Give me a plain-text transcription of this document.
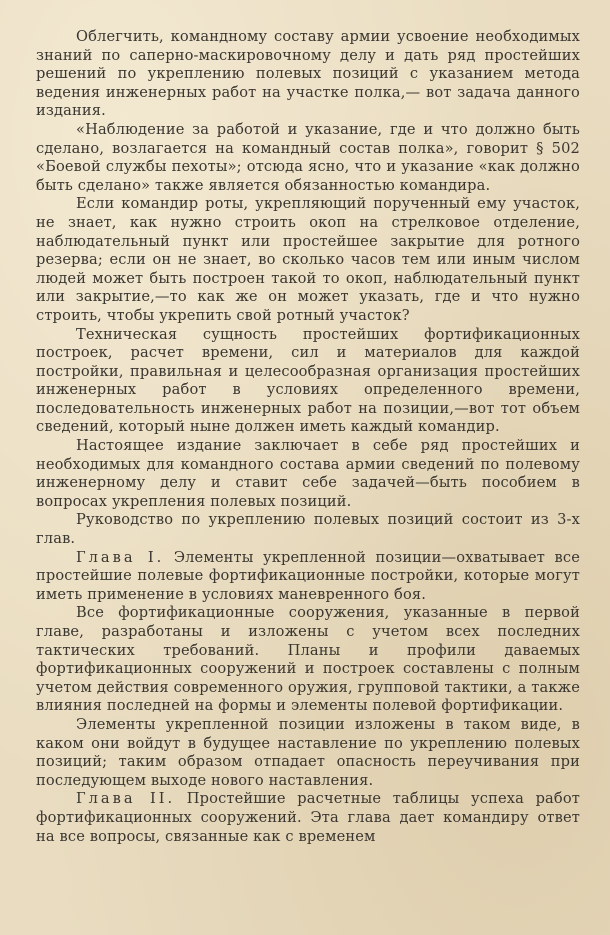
Облегчить, командному составу армии усвоение необходимых знаний по саперно-маскировочному делу и дать ряд простейших решений по укреплению полевых позиций с указанием метода ведения инженерных работ на участке полка,— вот задача данного издания.

«Наблюдение за работой и указание, где и что должно быть сделано, возлагается на командный состав полка», говорит § 502 «Боевой службы пехоты»; отсюда ясно, что и указание «как должно быть сделано» также является обязанностью командира.

Если командир роты, укрепляющий порученный ему участок, не знает, как нужно строить окоп на стрелковое отделение, наблюдательный пункт или простейшее закрытие для ротного резерва; если он не знает, во сколько часов тем или иным числом людей может быть построен такой то окоп, наблюдательный пункт или закрытие,—то как же он может указать, где и что нужно строить, чтобы укрепить свой ротный участок?

Техническая сущность простейших фортификационных построек, расчет времени, сил и материалов для каждой постройки, правильная и целесообразная организация простейших инженерных работ в условиях определенного времени, последовательность инженерных работ на позиции,—вот тот объем сведений, который ныне должен иметь каждый командир.

Настоящее издание заключает в себе ряд простейших и необходимых для командного состава армии сведений по полевому инженерному делу и ставит себе задачей—быть пособием в вопросах укрепления полевых позиций.

Руководство по укреплению полевых позиций состоит из 3-х глав.

Глава I. Элементы укрепленной позиции—охватывает все простейшие полевые фортификационные постройки, которые могут иметь применение в условиях маневренного боя.

Все фортификационные сооружения, указанные в первой главе, разработаны и изложены с учетом всех последних тактических требований. Планы и профили даваемых фортификационных сооружений и построек составлены с полным учетом действия современного оружия, групповой тактики, а также влияния последней на формы и элементы полевой фортификации.

Элементы укрепленной позиции изложены в таком виде, в каком они войдут в будущее наставление по укреплению полевых позиций; таким образом отпадает опасность переучивания при последующем выходе нового наставления.

Глава II. Простейшие расчетные таблицы успеха работ фортификационных сооружений. Эта глава дает командиру ответ на все вопросы, связанные как с временем
